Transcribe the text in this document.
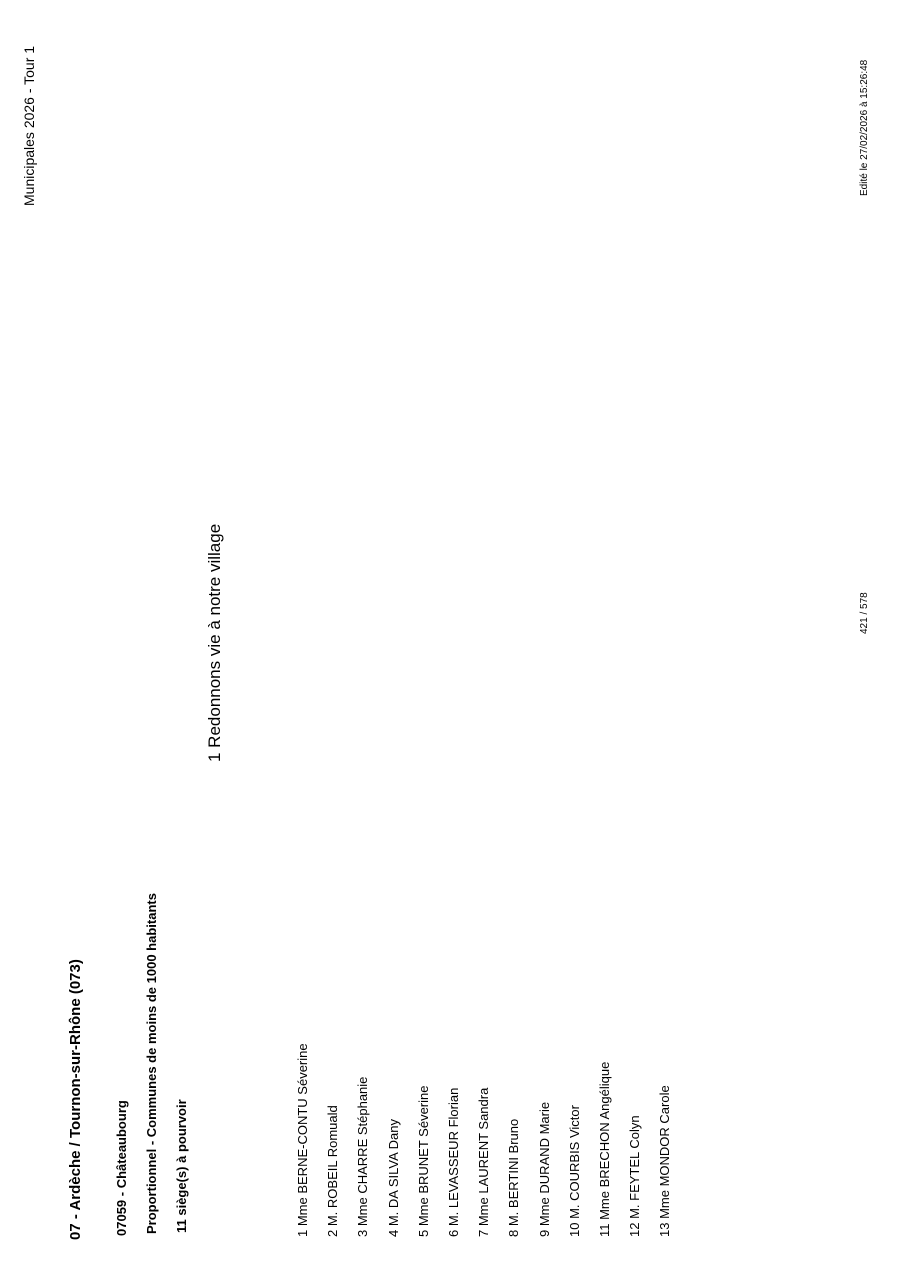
Municipales 2026 - Tour 1	Edité le 27/02/2026 à 15:26:48
421 / 578
07 - Ardèche / Tournon-sur-Rhône (073) 07059 - Châteaubourg Proportionnel - Communes de moins de 1000 habitants 11 siège(s) à pourvoir
1 Redonnons vie à notre village
1 Mme BERNE-CONTU Séverine 2 M. ROBEIL Romuald 3 Mme CHARRE Stéphanie 4 M. DA SILVA Dany 5 Mme BRUNET Séverine 6 M. LEVASSEUR Florian 7 Mme LAURENT Sandra 8 M. BERTINI Bruno 9 Mme DURAND Marie 10 M. COURBIS Victor 11 Mme BRECHON Angélique 12 M. FEYTEL Colyn 13 Mme MONDOR Carole
